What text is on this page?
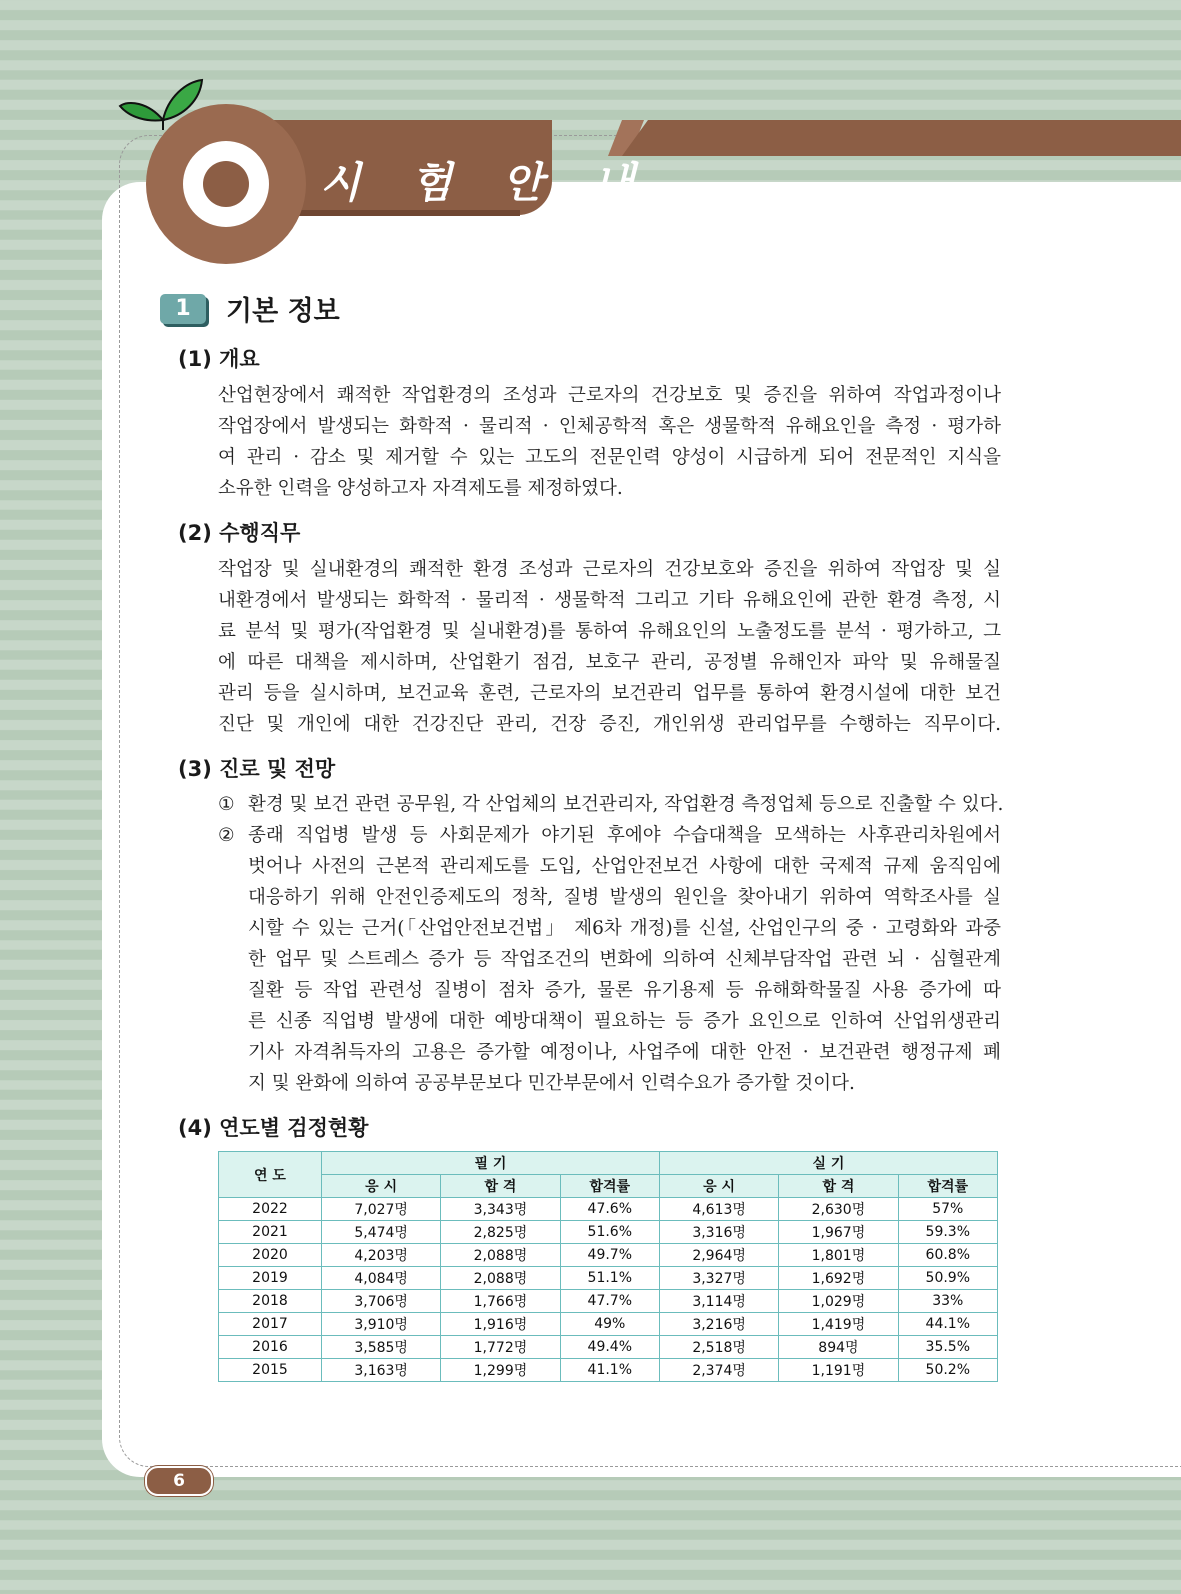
시 험 안 내
1	기본 정보
(1) 개요
산업현장에서 쾌적한 작업환경의 조성과 근로자의 건강보호 및 증진을 위하여 작업과정이나
작업장에서 발생되는 화학적 · 물리적 · 인체공학적 혹은 생물학적 유해요인을 측정 · 평가하
여 관리 · 감소 및 제거할 수 있는 고도의 전문인력 양성이 시급하게 되어 전문적인 지식을
소유한 인력을 양성하고자 자격제도를 제정하였다.
(2) 수행직무
작업장 및 실내환경의 쾌적한 환경 조성과 근로자의 건강보호와 증진을 위하여 작업장 및 실
내환경에서 발생되는 화학적 · 물리적 · 생물학적 그리고 기타 유해요인에 관한 환경 측정, 시
료 분석 및 평가(작업환경 및 실내환경)를 통하여 유해요인의 노출정도를 분석 · 평가하고, 그
에 따른 대책을 제시하며, 산업환기 점검, 보호구 관리, 공정별 유해인자 파악 및 유해물질
관리 등을 실시하며, 보건교육 훈련, 근로자의 보건관리 업무를 통하여 환경시설에 대한 보건
진단 및 개인에 대한 건강진단 관리, 건장 증진, 개인위생 관리업무를 수행하는 직무이다.
(3) 진로 및 전망
① 환경 및 보건 관련 공무원, 각 산업체의 보건관리자, 작업환경 측정업체 등으로 진출할 수 있다.
② 종래 직업병 발생 등 사회문제가 야기된 후에야 수습대책을 모색하는 사후관리차원에서
벗어나 사전의 근본적 관리제도를 도입, 산업안전보건 사항에 대한 국제적 규제 움직임에
대응하기 위해 안전인증제도의 정착, 질병 발생의 원인을 찾아내기 위하여 역학조사를 실
시할 수 있는 근거(「산업안전보건법」 제6차 개정)를 신설, 산업인구의 중 · 고령화와 과중
한 업무 및 스트레스 증가 등 작업조건의 변화에 의하여 신체부담작업 관련 뇌 · 심혈관계
질환 등 작업 관련성 질병이 점차 증가, 물론 유기용제 등 유해화학물질 사용 증가에 따
른 신종 직업병 발생에 대한 예방대책이 필요하는 등 증가 요인으로 인하여 산업위생관리
기사 자격취득자의 고용은 증가할 예정이나, 사업주에 대한 안전 · 보건관련 행정규제 폐
지 및 완화에 의하여 공공부문보다 민간부문에서 인력수요가 증가할 것이다.
(4) 연도별 검정현황
연 도	필 기			실 기		
	응 시	합 격	합격률	응 시	합 격	합격률
2022	7,027명	3,343명	47.6%	4,613명	2,630명	57%
2021	5,474명	2,825명	51.6%	3,316명	1,967명	59.3%
2020	4,203명	2,088명	49.7%	2,964명	1,801명	60.8%
2019	4,084명	2,088명	51.1%	3,327명	1,692명	50.9%
2018	3,706명	1,766명	47.7%	3,114명	1,029명	33%
2017	3,910명	1,916명	49%	3,216명	1,419명	44.1%
2016	3,585명	1,772명	49.4%	2,518명	894명	35.5%
2015	3,163명	1,299명	41.1%	2,374명	1,191명	50.2%
6
